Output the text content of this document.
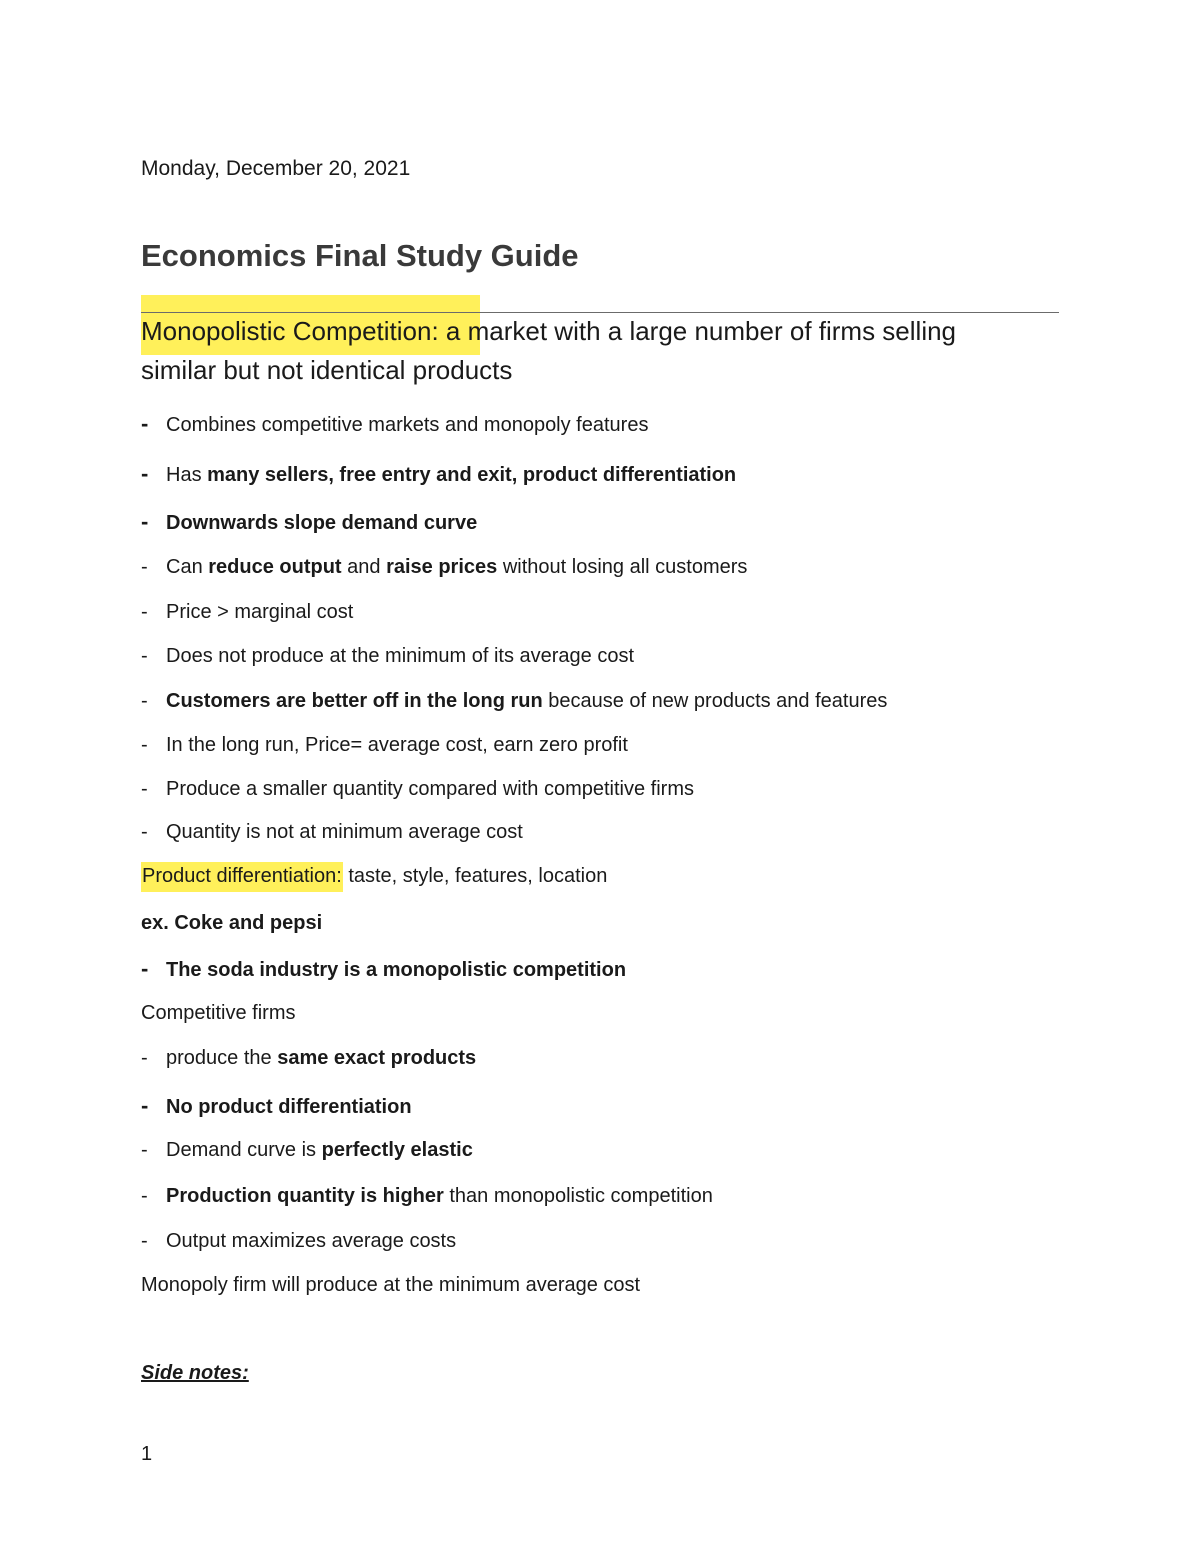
Monday, December 20, 2021
Economics Final Study Guide
Monopolistic Competition: a market with a large number of firms selling
similar but not identical products
- Combines competitive markets and monopoly features
- Has many sellers, free entry and exit, product differentiation
- Downwards slope demand curve
- Can reduce output and raise prices without losing all customers
- Price > marginal cost
- Does not produce at the minimum of its average cost
- Customers are better off in the long run because of new products and features
- In the long run, Price= average cost, earn zero profit
- Produce a smaller quantity compared with competitive firms
- Quantity is not at minimum average cost
Product differentiation: taste, style, features, location
ex. Coke and pepsi
- The soda industry is a monopolistic competition
Competitive firms
- produce the same exact products
- No product differentiation
- Demand curve is perfectly elastic
- Production quantity is higher than monopolistic competition
- Output maximizes average costs
Monopoly firm will produce at the minimum average cost
Side notes:
1
